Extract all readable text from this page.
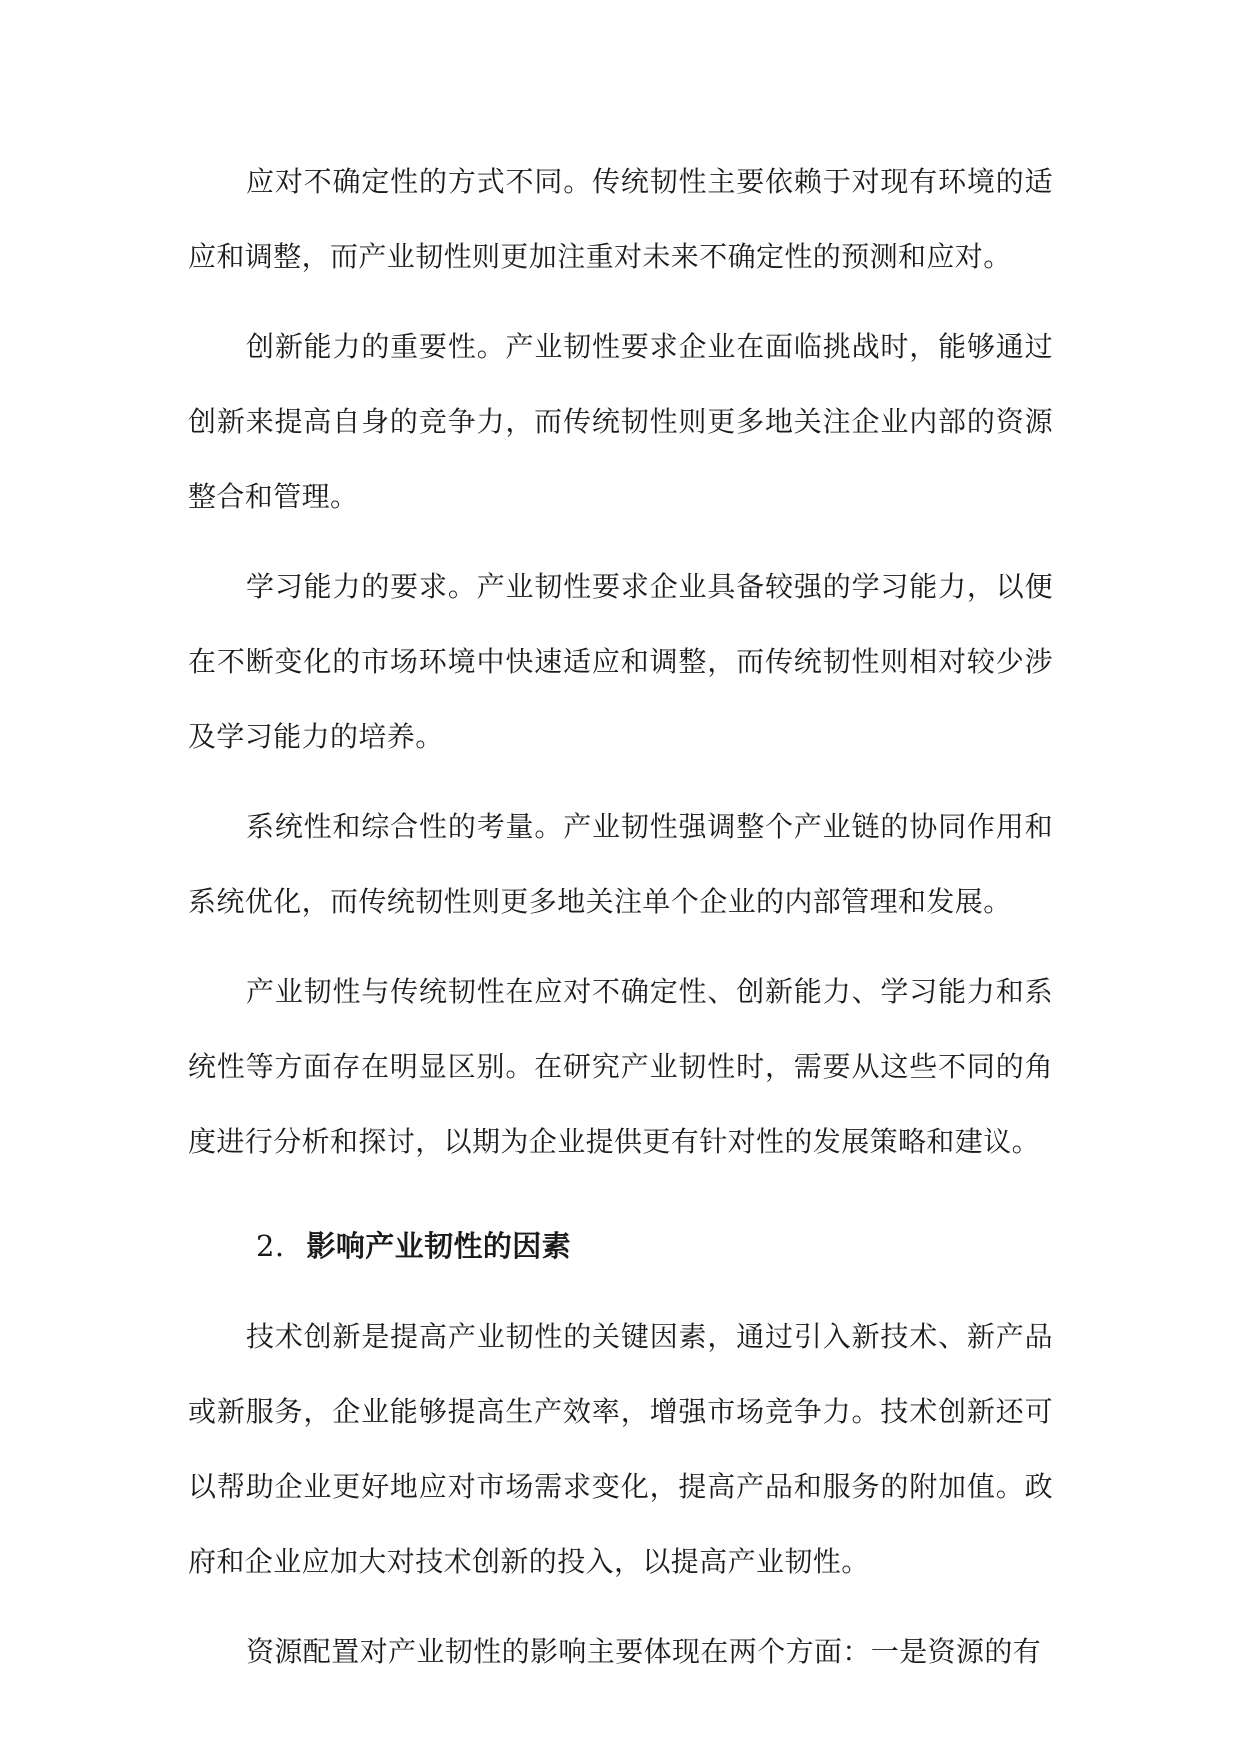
应对不确定性的方式不同。传统韧性主要依赖于对现有环境的适应和调整，而产业韧性则更加注重对未来不确定性的预测和应对。

创新能力的重要性。产业韧性要求企业在面临挑战时，能够通过创新来提高自身的竞争力，而传统韧性则更多地关注企业内部的资源整合和管理。

学习能力的要求。产业韧性要求企业具备较强的学习能力，以便在不断变化的市场环境中快速适应和调整，而传统韧性则相对较少涉及学习能力的培养。

系统性和综合性的考量。产业韧性强调整个产业链的协同作用和系统优化，而传统韧性则更多地关注单个企业的内部管理和发展。

产业韧性与传统韧性在应对不确定性、创新能力、学习能力和系统性等方面存在明显区别。在研究产业韧性时，需要从这些不同的角度进行分析和探讨，以期为企业提供更有针对性的发展策略和建议。

2. 影响产业韧性的因素

技术创新是提高产业韧性的关键因素，通过引入新技术、新产品或新服务，企业能够提高生产效率，增强市场竞争力。技术创新还可以帮助企业更好地应对市场需求变化，提高产品和服务的附加值。政府和企业应加大对技术创新的投入，以提高产业韧性。

资源配置对产业韧性的影响主要体现在两个方面：一是资源的有
